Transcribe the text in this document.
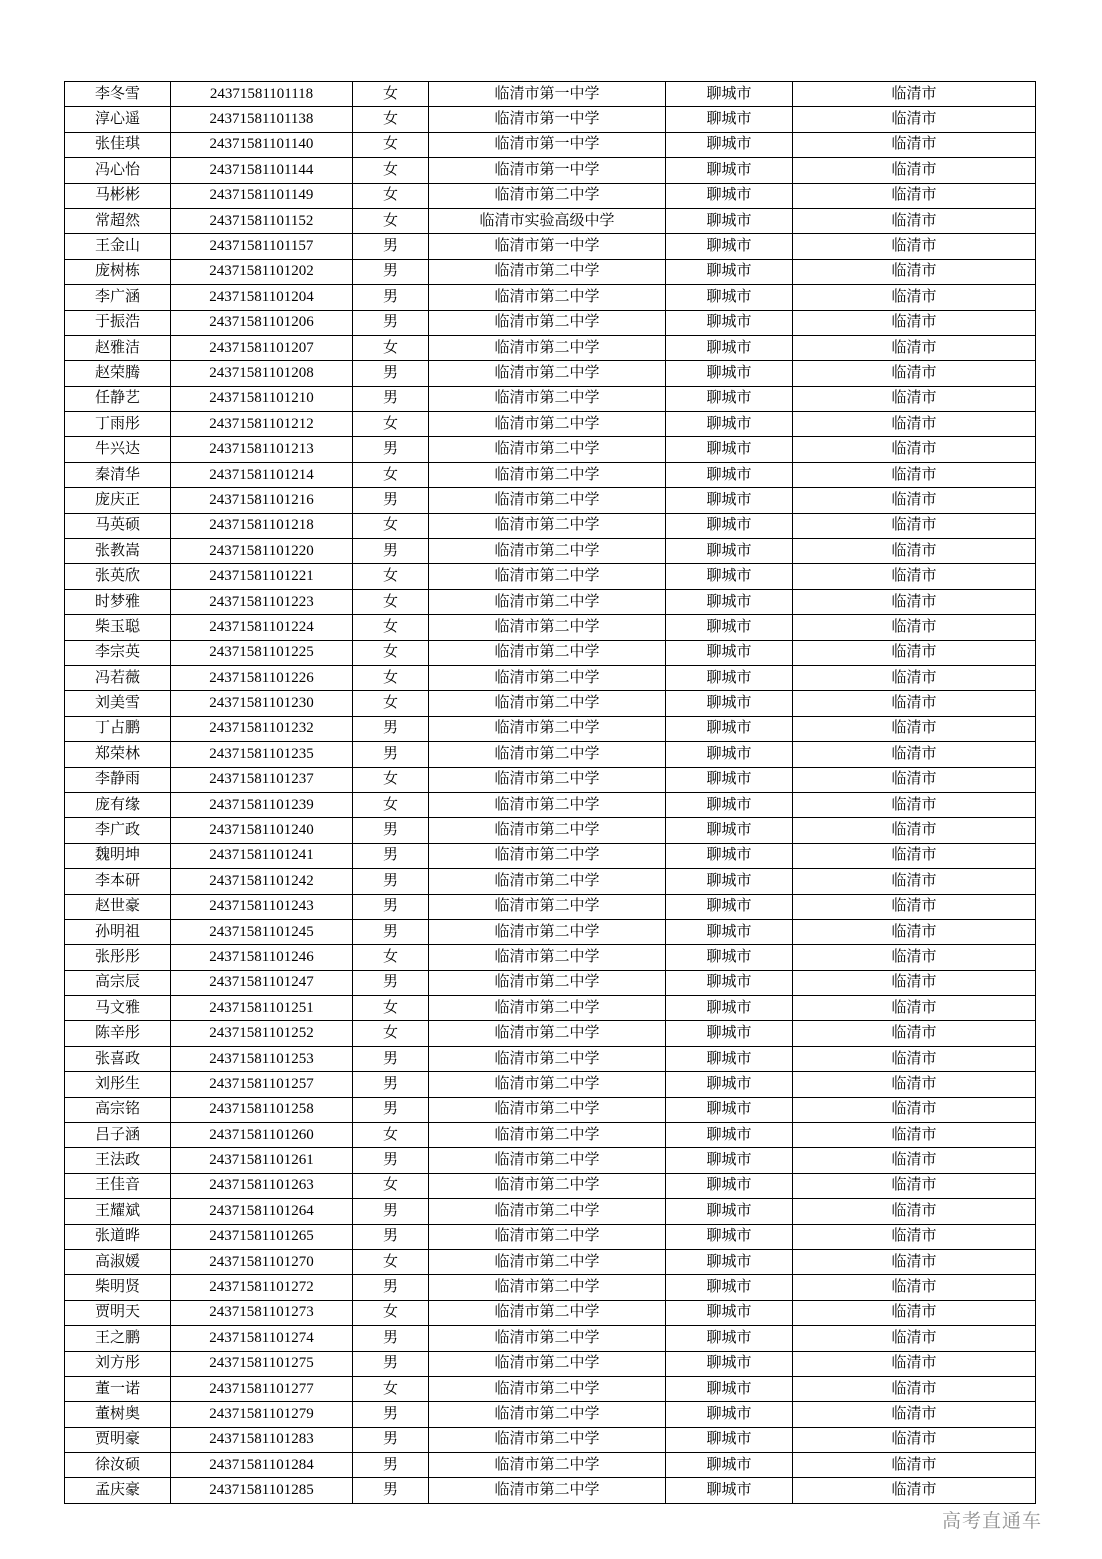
李冬雪	24371581101118	女	临清市第一中学	聊城市	临清市
淳心遥	24371581101138	女	临清市第一中学	聊城市	临清市
张佳琪	24371581101140	女	临清市第一中学	聊城市	临清市
冯心怡	24371581101144	女	临清市第一中学	聊城市	临清市
马彬彬	24371581101149	女	临清市第二中学	聊城市	临清市
常超然	24371581101152	女	临清市实验高级中学	聊城市	临清市
王金山	24371581101157	男	临清市第一中学	聊城市	临清市
庞树栋	24371581101202	男	临清市第二中学	聊城市	临清市
李广涵	24371581101204	男	临清市第二中学	聊城市	临清市
于振浩	24371581101206	男	临清市第二中学	聊城市	临清市
赵雅洁	24371581101207	女	临清市第二中学	聊城市	临清市
赵荣腾	24371581101208	男	临清市第二中学	聊城市	临清市
任静艺	24371581101210	男	临清市第二中学	聊城市	临清市
丁雨彤	24371581101212	女	临清市第二中学	聊城市	临清市
牛兴达	24371581101213	男	临清市第二中学	聊城市	临清市
秦清华	24371581101214	女	临清市第二中学	聊城市	临清市
庞庆正	24371581101216	男	临清市第二中学	聊城市	临清市
马英硕	24371581101218	女	临清市第二中学	聊城市	临清市
张教嵩	24371581101220	男	临清市第二中学	聊城市	临清市
张英欣	24371581101221	女	临清市第二中学	聊城市	临清市
时梦雅	24371581101223	女	临清市第二中学	聊城市	临清市
柴玉聪	24371581101224	女	临清市第二中学	聊城市	临清市
李宗英	24371581101225	女	临清市第二中学	聊城市	临清市
冯若薇	24371581101226	女	临清市第二中学	聊城市	临清市
刘美雪	24371581101230	女	临清市第二中学	聊城市	临清市
丁占鹏	24371581101232	男	临清市第二中学	聊城市	临清市
郑荣林	24371581101235	男	临清市第二中学	聊城市	临清市
李静雨	24371581101237	女	临清市第二中学	聊城市	临清市
庞有缘	24371581101239	女	临清市第二中学	聊城市	临清市
李广政	24371581101240	男	临清市第二中学	聊城市	临清市
魏明坤	24371581101241	男	临清市第二中学	聊城市	临清市
李本研	24371581101242	男	临清市第二中学	聊城市	临清市
赵世豪	24371581101243	男	临清市第二中学	聊城市	临清市
孙明祖	24371581101245	男	临清市第二中学	聊城市	临清市
张彤彤	24371581101246	女	临清市第二中学	聊城市	临清市
高宗辰	24371581101247	男	临清市第二中学	聊城市	临清市
马文雅	24371581101251	女	临清市第二中学	聊城市	临清市
陈辛彤	24371581101252	女	临清市第二中学	聊城市	临清市
张喜政	24371581101253	男	临清市第二中学	聊城市	临清市
刘彤生	24371581101257	男	临清市第二中学	聊城市	临清市
高宗铭	24371581101258	男	临清市第二中学	聊城市	临清市
吕子涵	24371581101260	女	临清市第二中学	聊城市	临清市
王法政	24371581101261	男	临清市第二中学	聊城市	临清市
王佳音	24371581101263	女	临清市第二中学	聊城市	临清市
王耀斌	24371581101264	男	临清市第二中学	聊城市	临清市
张道晔	24371581101265	男	临清市第二中学	聊城市	临清市
高淑媛	24371581101270	女	临清市第二中学	聊城市	临清市
柴明贤	24371581101272	男	临清市第二中学	聊城市	临清市
贾明天	24371581101273	女	临清市第二中学	聊城市	临清市
王之鹏	24371581101274	男	临清市第二中学	聊城市	临清市
刘方彤	24371581101275	男	临清市第二中学	聊城市	临清市
董一诺	24371581101277	女	临清市第二中学	聊城市	临清市
董树奥	24371581101279	男	临清市第二中学	聊城市	临清市
贾明豪	24371581101283	男	临清市第二中学	聊城市	临清市
徐汝硕	24371581101284	男	临清市第二中学	聊城市	临清市
孟庆豪	24371581101285	男	临清市第二中学	聊城市	临清市
高考直通车
